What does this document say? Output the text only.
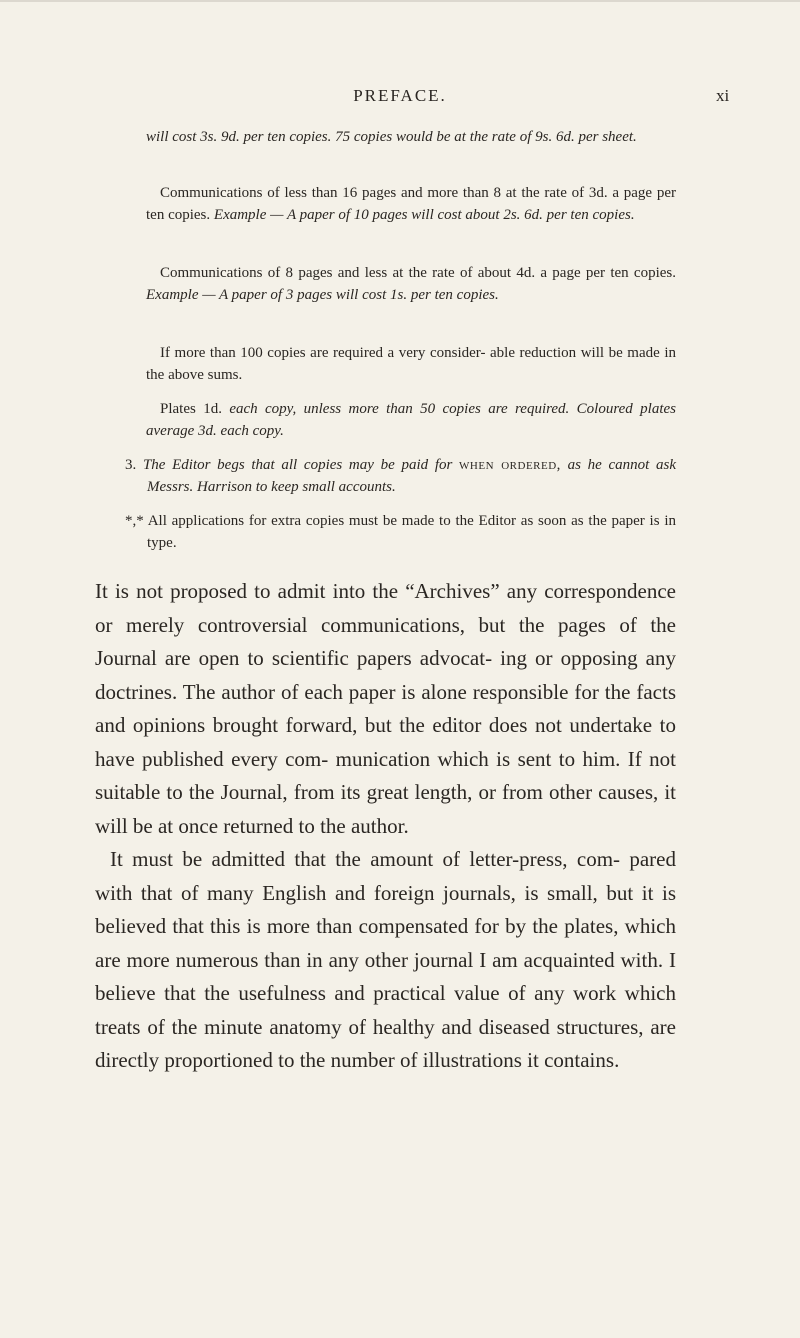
PREFACE.	xi

will cost 3s. 9d. per ten copies. 75 copies would be at the rate of 9s. 6d. per sheet.

Communications of less than 16 pages and more than 8 at the rate of 3d. a page per ten copies. Example — A paper of 10 pages will cost about 2s. 6d. per ten copies.

Communications of 8 pages and less at the rate of about 4d. a page per ten copies. Example — A paper of 3 pages will cost 1s. per ten copies.

If more than 100 copies are required a very consider- able reduction will be made in the above sums.

Plates 1d. each copy, unless more than 50 copies are required. Coloured plates average 3d. each copy.

3. The Editor begs that all copies may be paid for when ordered, as he cannot ask Messrs. Harrison to keep small accounts.

*,* All applications for extra copies must be made to the Editor as soon as the paper is in type.

It is not proposed to admit into the “Archives” any correspondence or merely controversial communications, but the pages of the Journal are open to scientific papers advocat- ing or opposing any doctrines. The author of each paper is alone responsible for the facts and opinions brought forward, but the editor does not undertake to have published every com- munication which is sent to him. If not suitable to the Journal, from its great length, or from other causes, it will be at once returned to the author.

It must be admitted that the amount of letter-press, com- pared with that of many English and foreign journals, is small, but it is believed that this is more than compensated for by the plates, which are more numerous than in any other journal I am acquainted with. I believe that the usefulness and practical value of any work which treats of the minute anatomy of healthy and diseased structures, are directly proportioned to the number of illustrations it contains.
